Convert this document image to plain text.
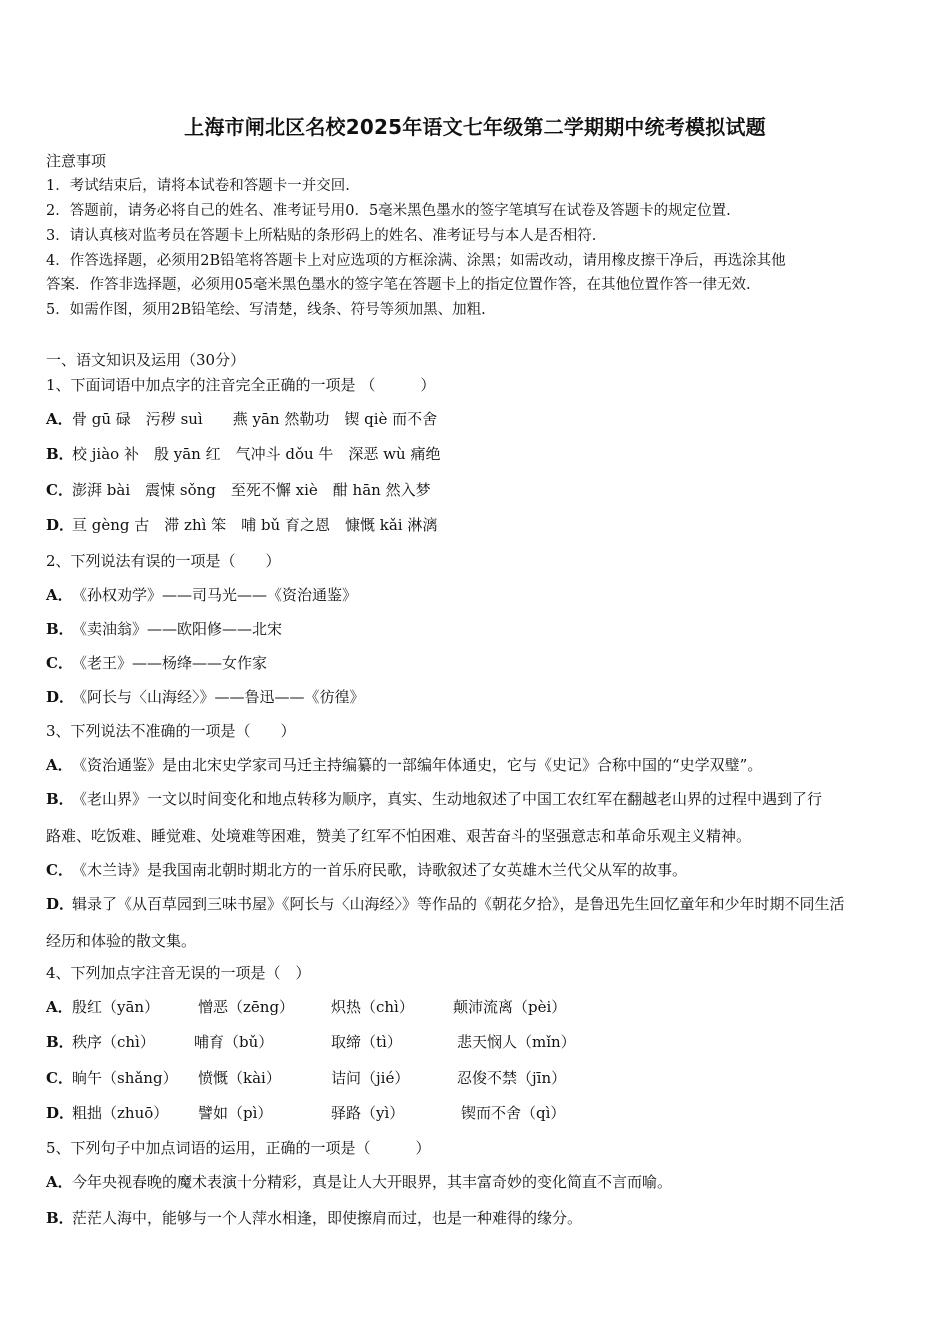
上海市闸北区名校2025年语文七年级第二学期期中统考模拟试题
注意事项
1．考试结束后，请将本试卷和答题卡一并交回.
2．答题前，请务必将自己的姓名、准考证号用0．5毫米黑色墨水的签字笔填写在试卷及答题卡的规定位置.
3．请认真核对监考员在答题卡上所粘贴的条形码上的姓名、准考证号与本人是否相符.
4．作答选择题，必须用2B铅笔将答题卡上对应选项的方框涂满、涂黑；如需改动，请用橡皮擦干净后，再选涂其他
答案．作答非选择题，必须用05毫米黑色墨水的签字笔在答题卡上的指定位置作答，在其他位置作答一律无效.
5．如需作图，须用2B铅笔绘、写清楚，线条、符号等须加黑、加粗.
一、语文知识及运用（30分）
1、下面词语中加点字的注音完全正确的一项是 （　　　）
A．骨 gū 碌　污秽 suì　　燕 yān 然勒功　锲 qiè 而不舍
B．校 jiào 补　殷 yān 红　气冲斗 dǒu 牛　深恶 wù 痛绝
C．澎湃 bài　震悚 sǒng　至死不懈 xiè　酣 hān 然入梦
D．亘 gèng 古　滞 zhì 笨　哺 bǔ 育之恩　慷慨 kǎi 淋漓
2、下列说法有误的一项是（　　）
A．《孙权劝学》——司马光——《资治通鉴》
B．《卖油翁》——欧阳修——北宋
C．《老王》——杨绛——女作家
D．《阿长与〈山海经〉》——鲁迅——《彷徨》
3、下列说法不准确的一项是（　　）
A．《资治通鉴》是由北宋史学家司马迁主持编纂的一部编年体通史，它与《史记》合称中国的“史学双璧”。
B．《老山界》一文以时间变化和地点转移为顺序，真实、生动地叙述了中国工农红军在翻越老山界的过程中遇到了行
路难、吃饭难、睡觉难、处境难等困难，赞美了红军不怕困难、艰苦奋斗的坚强意志和革命乐观主义精神。
C．《木兰诗》是我国南北朝时期北方的一首乐府民歌，诗歌叙述了女英雄木兰代父从军的故事。
D．辑录了《从百草园到三味书屋》《阿长与〈山海经〉》等作品的《朝花夕拾》，是鲁迅先生回忆童年和少年时期不同生活
经历和体验的散文集。
4、下列加点字注音无误的一项是（　）
A．殷红（yān）	憎恶（zēng） 炽热（chì）	颠沛流离（pèi）
B．秩序（chì）	哺育（bǔ）	取缔（tì）	悲天悯人（mǐn）
C．晌午（shǎng） 愤慨（kài）	诘问（jié）	忍俊不禁（jīn）
D．粗拙（zhuō） 譬如（pì）	驿路（yì）	锲而不舍（qì）
5、下列句子中加点词语的运用，正确的一项是（　　　）
A．今年央视春晚的魔术表演十分精彩，真是让人大开眼界，其丰富奇妙的变化简直不言而喻。
B．茫茫人海中，能够与一个人萍水相逢，即使擦肩而过，也是一种难得的缘分。
